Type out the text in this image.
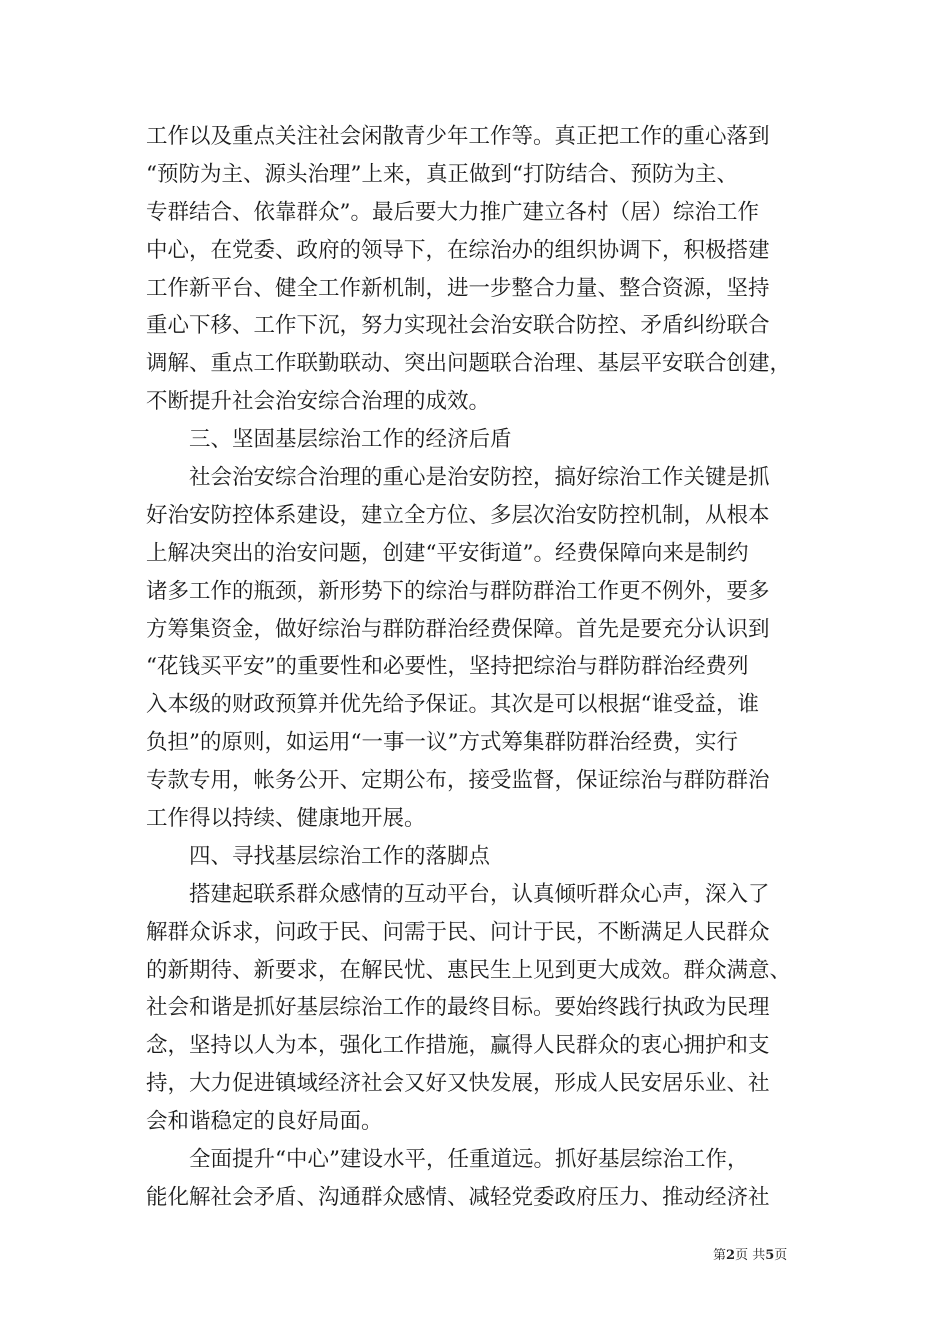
工作以及重点关注社会闲散青少年工作等。真正把工作的重心落到
“预防为主、源头治理”上来，真正做到“打防结合、预防为主、
专群结合、依靠群众”。最后要大力推广建立各村（居）综治工作
中心，在党委、政府的领导下，在综治办的组织协调下，积极搭建
工作新平台、健全工作新机制，进一步整合力量、整合资源，坚持
重心下移、工作下沉，努力实现社会治安联合防控、矛盾纠纷联合
调解、重点工作联勤联动、突出问题联合治理、基层平安联合创建，
不断提升社会治安综合治理的成效。
　　三、坚固基层综治工作的经济后盾
　　社会治安综合治理的重心是治安防控，搞好综治工作关键是抓
好治安防控体系建设，建立全方位、多层次治安防控机制，从根本
上解决突出的治安问题，创建“平安街道”。经费保障向来是制约
诸多工作的瓶颈，新形势下的综治与群防群治工作更不例外，要多
方筹集资金，做好综治与群防群治经费保障。首先是要充分认识到
“花钱买平安”的重要性和必要性，坚持把综治与群防群治经费列
入本级的财政预算并优先给予保证。其次是可以根据“谁受益，谁
负担”的原则，如运用“一事一议”方式筹集群防群治经费，实行
专款专用，帐务公开、定期公布，接受监督，保证综治与群防群治
工作得以持续、健康地开展。
　　四、寻找基层综治工作的落脚点
　　搭建起联系群众感情的互动平台，认真倾听群众心声，深入了
解群众诉求，问政于民、问需于民、问计于民，不断满足人民群众
的新期待、新要求，在解民忧、惠民生上见到更大成效。群众满意、
社会和谐是抓好基层综治工作的最终目标。要始终践行执政为民理
念，坚持以人为本，强化工作措施，赢得人民群众的衷心拥护和支
持，大力促进镇域经济社会又好又快发展，形成人民安居乐业、社
会和谐稳定的良好局面。
　　全面提升“中心”建设水平，任重道远。抓好基层综治工作，
能化解社会矛盾、沟通群众感情、减轻党委政府压力、推动经济社
第2页 共5页
